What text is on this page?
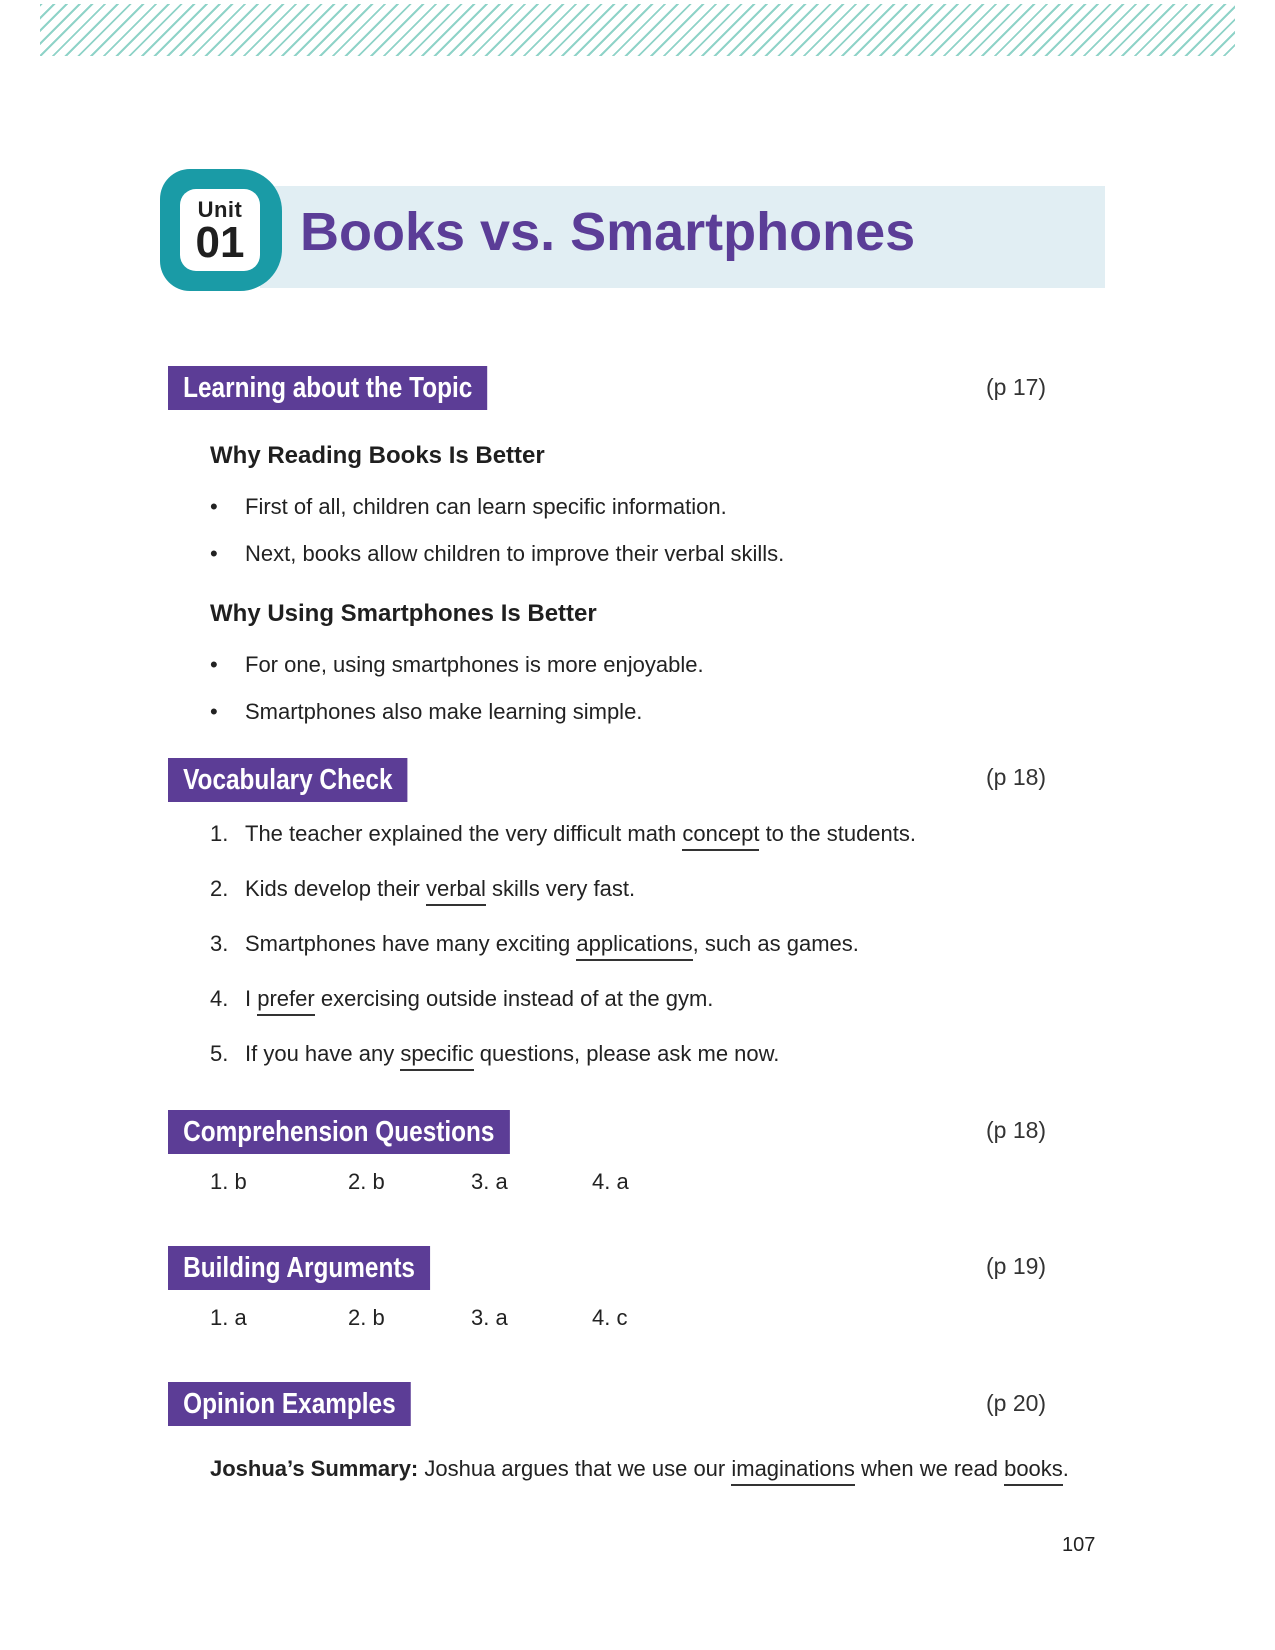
Unit
01 Books vs. Smartphones
Learning about the Topic	(p 17)
Why Reading Books Is Better
• First of all, children can learn specific information.
• Next, books allow children to improve their verbal skills.
Why Using Smartphones Is Better
• For one, using smartphones is more enjoyable.
• Smartphones also make learning simple.
Vocabulary Check	(p 18)
1. The teacher explained the very difficult math concept to the students.
2. Kids develop their verbal skills very fast.
3. Smartphones have many exciting applications, such as games.
4. I prefer exercising outside instead of at the gym.
5. If you have any specific questions, please ask me now.
Comprehension Questions	(p 18)
1. b	2. b	3. a	4. a
Building Arguments	(p 19)
1. a	2. b	3. a	4. c
Opinion Examples	(p 20)
Joshua’s Summary: Joshua argues that we use our imaginations when we read books.
107
